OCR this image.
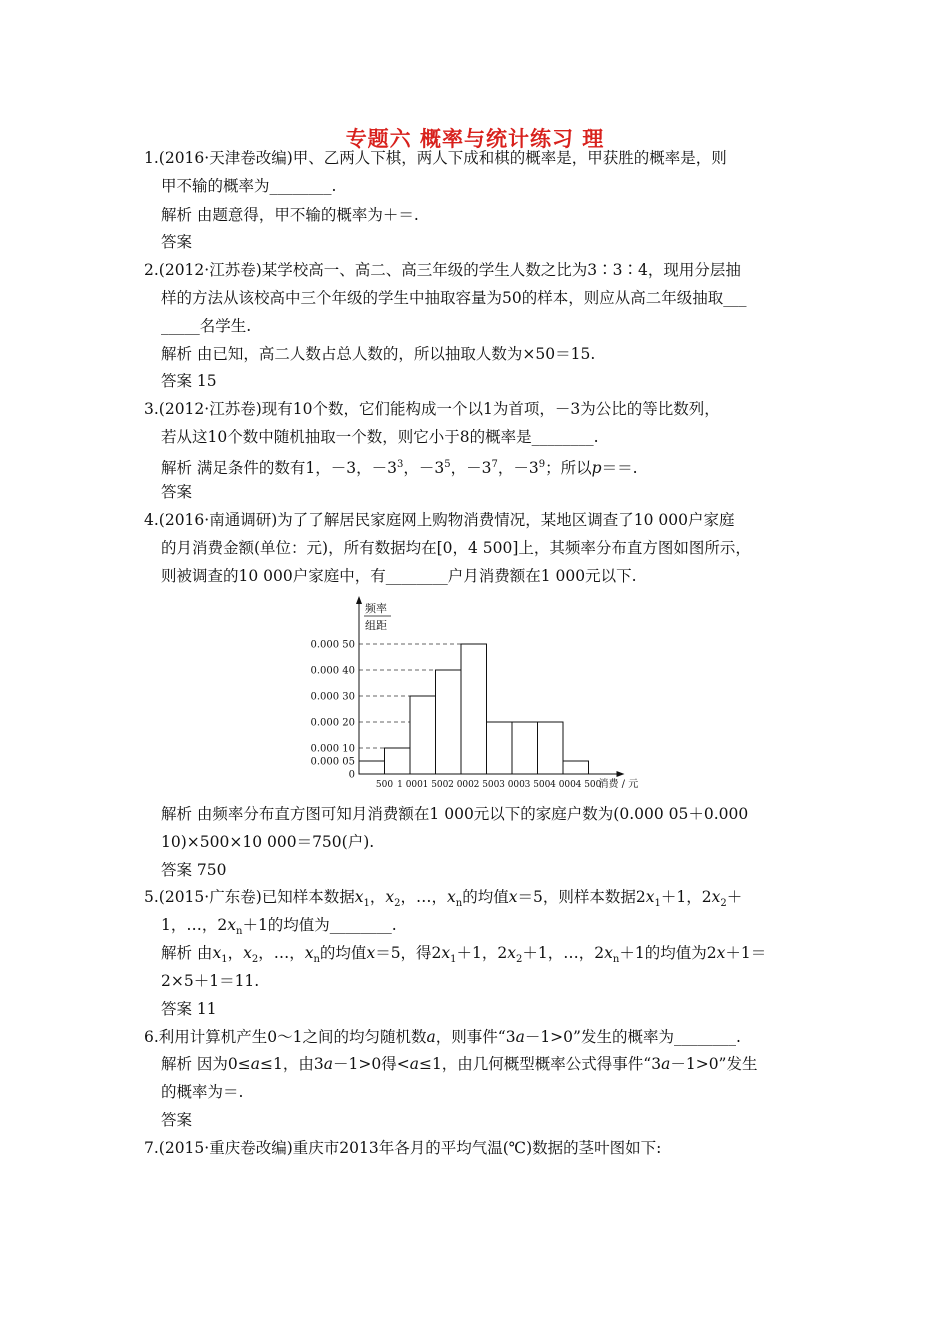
专题六 概率与统计练习 理
1.(2016·天津卷改编)甲、乙两人下棋，两人下成和棋的概率是，甲获胜的概率是，则
甲不输的概率为________.
解析 由题意得，甲不输的概率为＋＝.
答案
2.(2012·江苏卷)某学校高一、高二、高三年级的学生人数之比为3∶3∶4，现用分层抽
样的方法从该校高中三个年级的学生中抽取容量为50的样本，则应从高二年级抽取___
_____名学生.
解析 由已知，高二人数占总人数的，所以抽取人数为×50＝15.
答案 15
3.(2012·江苏卷)现有10个数，它们能构成一个以1为首项，－3为公比的等比数列，
若从这10个数中随机抽取一个数，则它小于8的概率是________.
解析 满足条件的数有1，－3，$-3^3$，$-3^5$，$-3^7$，$-3^9$；所以p＝＝.
答案
4.(2016·南通调研)为了了解居民家庭网上购物消费情况，某地区调查了10 000户家庭
的月消费金额(单位：元)，所有数据均在[0，4 500]上，其频率分布直方图如图所示，
则被调查的10 000户家庭中，有________户月消费额在1 000元以下.
0
0.000 05
0.000 10
0.000 20
0.000 30
0.000 40
0.000 50
频率
组距
500 1 000 1 500 2 000 2 500 3 000 3 500 4 000 4 500
消费 / 元
解析 由频率分布直方图可知月消费额在1 000元以下的家庭户数为(0.000 05＋0.000
10)×500×10 000＝750(户).
答案 750
5.(2015·广东卷)已知样本数据$x_1$，$x_2$，…，$x_n$的均值x＝5，则样本数据$2x_1+1$，$2x_2+$
1，…，$2x_n+1$的均值为________.
解析 由$x_1$，$x_2$，…，$x_n$的均值x＝5，得$2x_1+1$，$2x_2+1$，…，$2x_n+1$的均值为2x＋1＝
2×5＋1＝11.
答案 11
6.利用计算机产生0～1之间的均匀随机数a，则事件“3a－1>0”发生的概率为________.
解析 因为0≤a≤1，由3a－1>0得<a≤1，由几何概型概率公式得事件“3a－1>0”发生
的概率为＝.
答案
7.(2015·重庆卷改编)重庆市2013年各月的平均气温(℃)数据的茎叶图如下:
